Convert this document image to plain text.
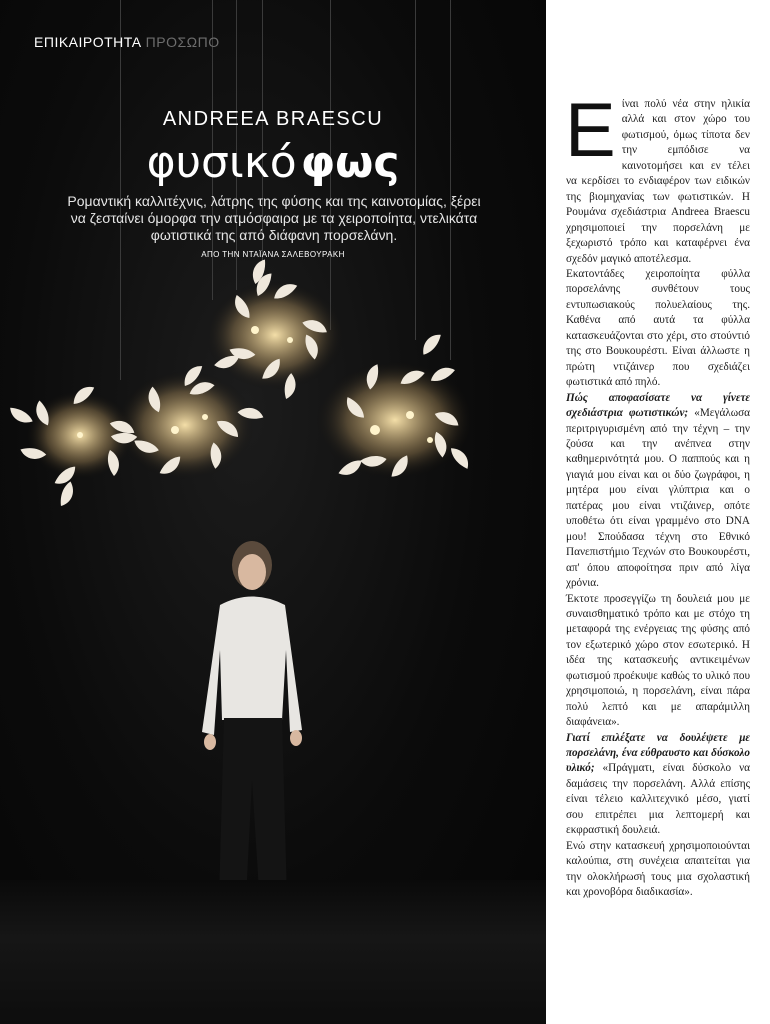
ΕΠΙΚΑΙΡΟΤΗΤΑ ΠΡΟΣΩΠΟ
ANDREEA BRAESCU
φυσικόφως
Ρομαντική καλλιτέχνις, λάτρης της φύσης και της καινοτομίας, ξέρει να ζεσταίνει όμορφα την ατμόσφαιρα με τα χειροποίητα, ντελικάτα φωτιστικά της από διάφανη πορσελάνη.
ΑΠΟ ΤΗΝ ΝΤΑΪΑΝΑ ΣΑΛΕΒΟΥΡΑΚΗ

Είναι πολύ νέα στην ηλικία αλλά και στον χώρο του φωτισμού, όμως τίποτα δεν την εμπόδισε να καινοτομήσει και εν τέλει να κερδίσει το ενδιαφέρον των ειδικών της βιομηχανίας των φωτιστικών. Η Ρουμάνα σχεδιάστρια Andreea Braescu χρησιμοποιεί την πορσελάνη με ξεχωριστό τρόπο και καταφέρνει ένα σχεδόν μαγικό αποτέλεσμα.

Εκατοντάδες χειροποίητα φύλλα πορσελάνης συνθέτουν τους εντυπωσιακούς πολυελαίους της. Καθένα από αυτά τα φύλλα κατασκευάζονται στο χέρι, στο στούντιό της στο Βουκουρέστι. Είναι άλλωστε η πρώτη ντιζάινερ που σχεδιάζει φωτιστικά από πηλό.

Πώς αποφασίσατε να γίνετε σχεδιάστρια φωτιστικών; «Μεγάλωσα περιτριγυρισμένη από την τέχνη – την ζούσα και την ανέπνεα στην καθημερινότητά μου. Ο παππούς και η γιαγιά μου είναι και οι δύο ζωγράφοι, η μητέρα μου είναι γλύπτρια και ο πατέρας μου είναι ντιζάινερ, οπότε υποθέτω ότι είναι γραμμένο στο DNA μου! Σπούδασα τέχνη στο Εθνικό Πανεπιστήμιο Τεχνών στο Βουκουρέστι, απ' όπου αποφοίτησα πριν από λίγα χρόνια.

Έκτοτε προσεγγίζω τη δουλειά μου με συναισθηματικό τρόπο και με στόχο τη μεταφορά της ενέργειας της φύσης από τον εξωτερικό χώρο στον εσωτερικό. Η ιδέα της κατασκευής αντικειμένων φωτισμού προέκυψε καθώς το υλικό που χρησιμοποιώ, η πορσελάνη, είναι πάρα πολύ λεπτό και με απαράμιλλη διαφάνεια».

Γιατί επιλέξατε να δουλέψετε με πορσελάνη, ένα εύθραυστο και δύσκολο υλικό; «Πράγματι, είναι δύσκολο να δαμάσεις την πορσελάνη. Αλλά επίσης είναι τέλειο καλλιτεχνικό μέσο, γιατί σου επιτρέπει μια λεπτομερή και εκφραστική δουλειά.

Ενώ στην κατασκευή χρησιμοποιούνται καλούπια, στη συνέχεια απαιτείται για την ολοκλήρωσή τους μια σχολαστική και χρονοβόρα διαδικασία».
